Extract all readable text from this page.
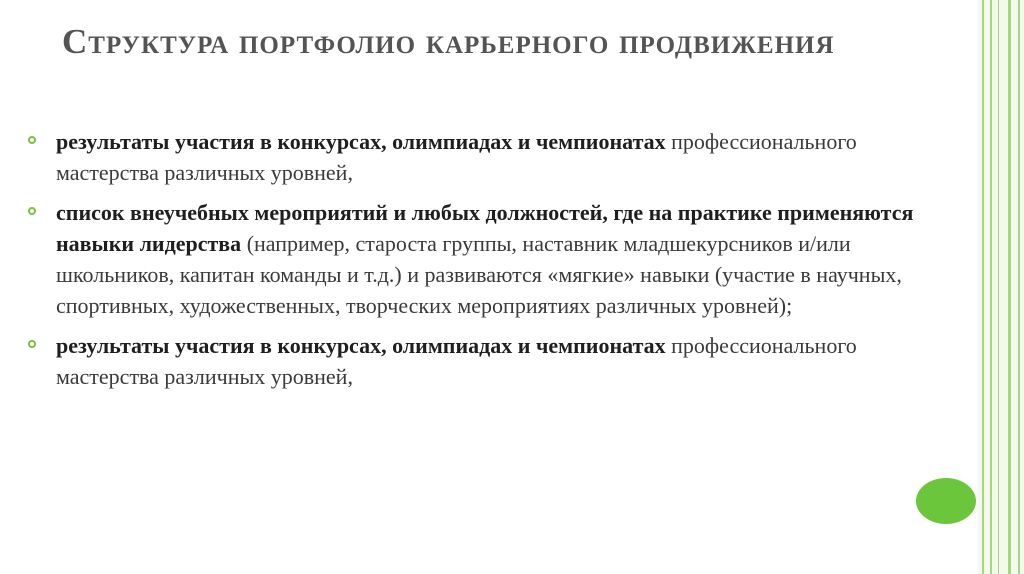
Структура портфолио карьерного продвижения
результаты участия в конкурсах, олимпиадах и чемпионатах профессионального мастерства различных уровней,
список внеучебных мероприятий и любых должностей, где на практике применяются навыки лидерства (например, староста группы, наставник младшекурсников и/или школьников, капитан команды и т.д.) и развиваются «мягкие» навыки (участие в научных, спортивных, художественных, творческих мероприятиях различных уровней);
результаты участия в конкурсах, олимпиадах и чемпионатах профессионального мастерства различных уровней,
